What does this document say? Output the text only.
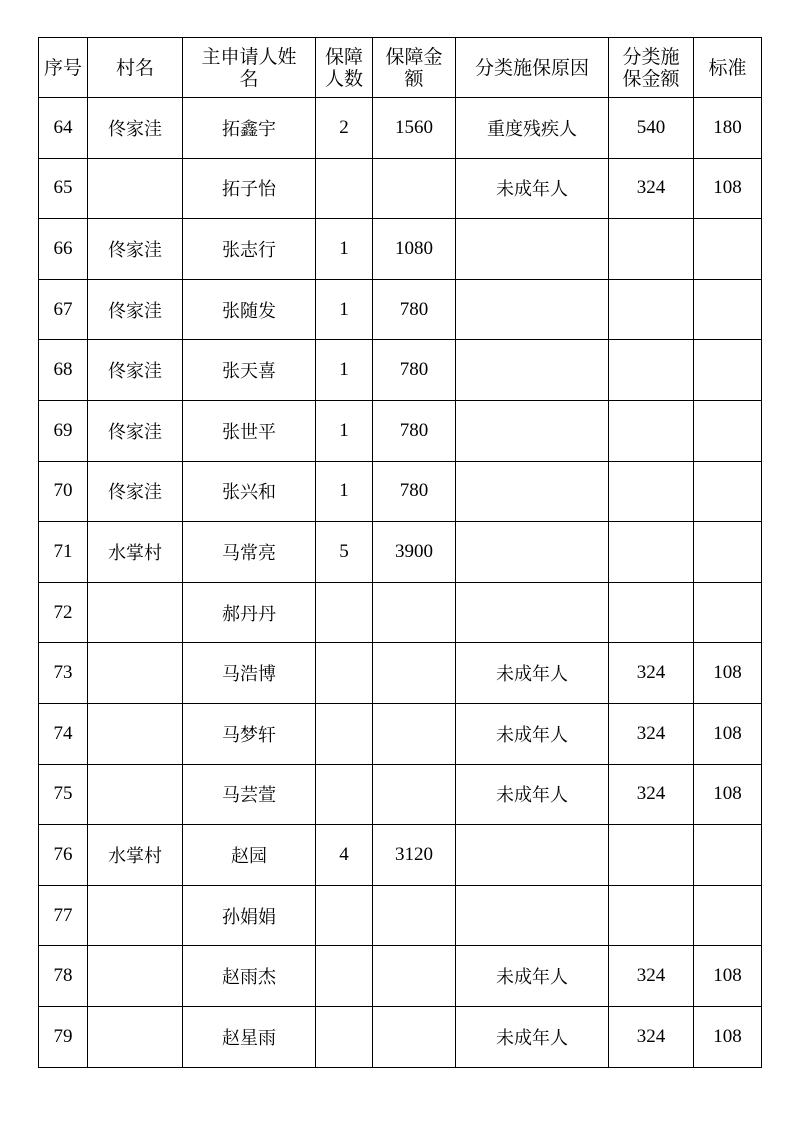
序号	村名	主申请人姓名	保障人数	保障金额	分类施保原因	分类施保金额	标准
64	佟家洼	拓鑫宇	2	1560	重度残疾人	540	180
65		拓子怡			未成年人	324	108
66	佟家洼	张志行	1	1080			
67	佟家洼	张随发	1	780			
68	佟家洼	张天喜	1	780			
69	佟家洼	张世平	1	780			
70	佟家洼	张兴和	1	780			
71	水掌村	马常亮	5	3900			
72		郝丹丹					
73		马浩博			未成年人	324	108
74		马梦轩			未成年人	324	108
75		马芸萱			未成年人	324	108
76	水掌村	赵园	4	3120			
77		孙娟娟					
78		赵雨杰			未成年人	324	108
79		赵星雨			未成年人	324	108
